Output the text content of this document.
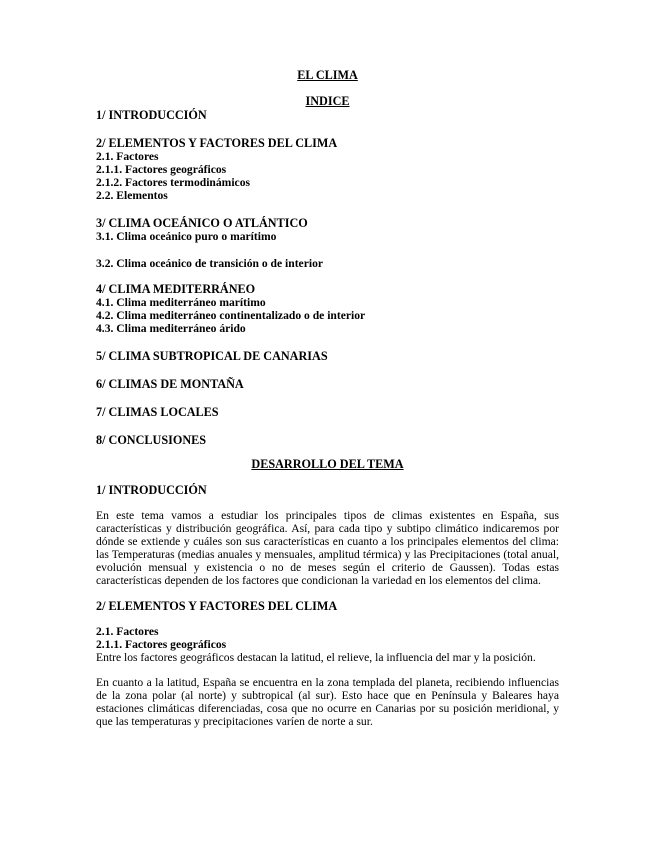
EL CLIMA
INDICE
1/ INTRODUCCIÓN
2/ ELEMENTOS Y FACTORES DEL CLIMA
2.1. Factores
2.1.1. Factores geográficos
2.1.2. Factores termodinámicos
2.2. Elementos
3/ CLIMA OCEÁNICO O ATLÁNTICO
3.1. Clima oceánico puro o marítimo
3.2. Clima oceánico de transición o de interior
4/ CLIMA MEDITERRÁNEO
4.1. Clima mediterráneo marítimo
4.2. Clima mediterráneo continentalizado o de interior
4.3. Clima mediterráneo árido
5/ CLIMA SUBTROPICAL DE CANARIAS
6/ CLIMAS DE MONTAÑA
7/ CLIMAS LOCALES
8/ CONCLUSIONES
DESARROLLO DEL TEMA
1/ INTRODUCCIÓN

En este tema vamos a estudiar los principales tipos de climas existentes en España, sus características y distribución geográfica. Así, para cada tipo y subtipo climático indicaremos por dónde se extiende y cuáles son sus características en cuanto a los principales elementos del clima: las Temperaturas (medias anuales y mensuales, amplitud térmica) y las Precipitaciones (total anual, evolución mensual y existencia o no de meses según el criterio de Gaussen). Todas estas características dependen de los factores que condicionan la variedad en los elementos del clima.

2/ ELEMENTOS Y FACTORES DEL CLIMA
2.1. Factores
2.1.1. Factores geográficos

Entre los factores geográficos destacan la latitud, el relieve, la influencia del mar y la posición.

En cuanto a la latitud, España se encuentra en la zona templada del planeta, recibiendo influencias de la zona polar (al norte) y subtropical (al sur). Esto hace que en Península y Baleares haya estaciones climáticas diferenciadas, cosa que no ocurre en Canarias por su posición meridional, y que las temperaturas y precipitaciones varíen de norte a sur.
